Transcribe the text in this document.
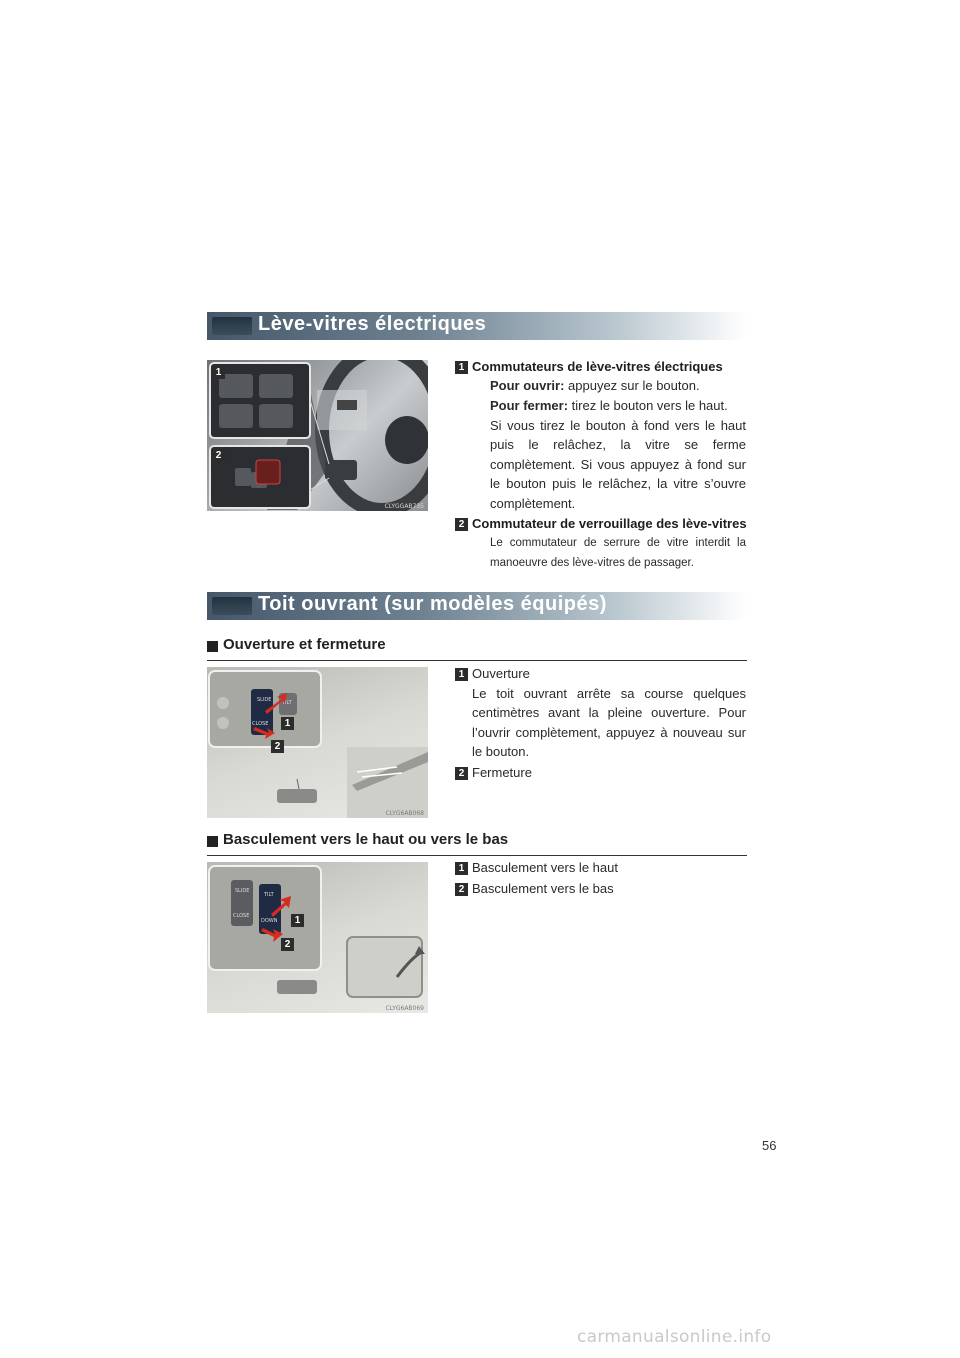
Lève-vitres électriques
1
2
CLYGGAB735
1 Commutateurs de lève-vitres électriques
Pour ouvrir: appuyez sur le bouton.
Pour fermer: tirez le bouton vers le haut.
Si vous tirez le bouton à fond vers le haut puis le relâchez, la vitre se ferme complètement. Si vous appuyez à fond sur le bouton puis le relâchez, la vitre s’ouvre complètement.
2 Commutateur de verrouillage des lève-vitres
Le commutateur de serrure de vitre interdit la manoeuvre des lève-vitres de passager.
Toit ouvrant (sur modèles équipés)
Ouverture et fermeture
SLIDE TILT
CLOSE	1
2
CLYG6AB068
1 Ouverture
Le toit ouvrant arrête sa course quelques centimètres avant la pleine ouverture. Pour l’ouvrir complètement, appuyez à nouveau sur le bouton.
2 Fermeture
Basculement vers le haut ou vers le bas
SLIDE
TILT
CLOSE
DOWN	1
2
CLYG6AB069
1 Basculement vers le haut
2 Basculement vers le bas
56
carmanualsonline.info
